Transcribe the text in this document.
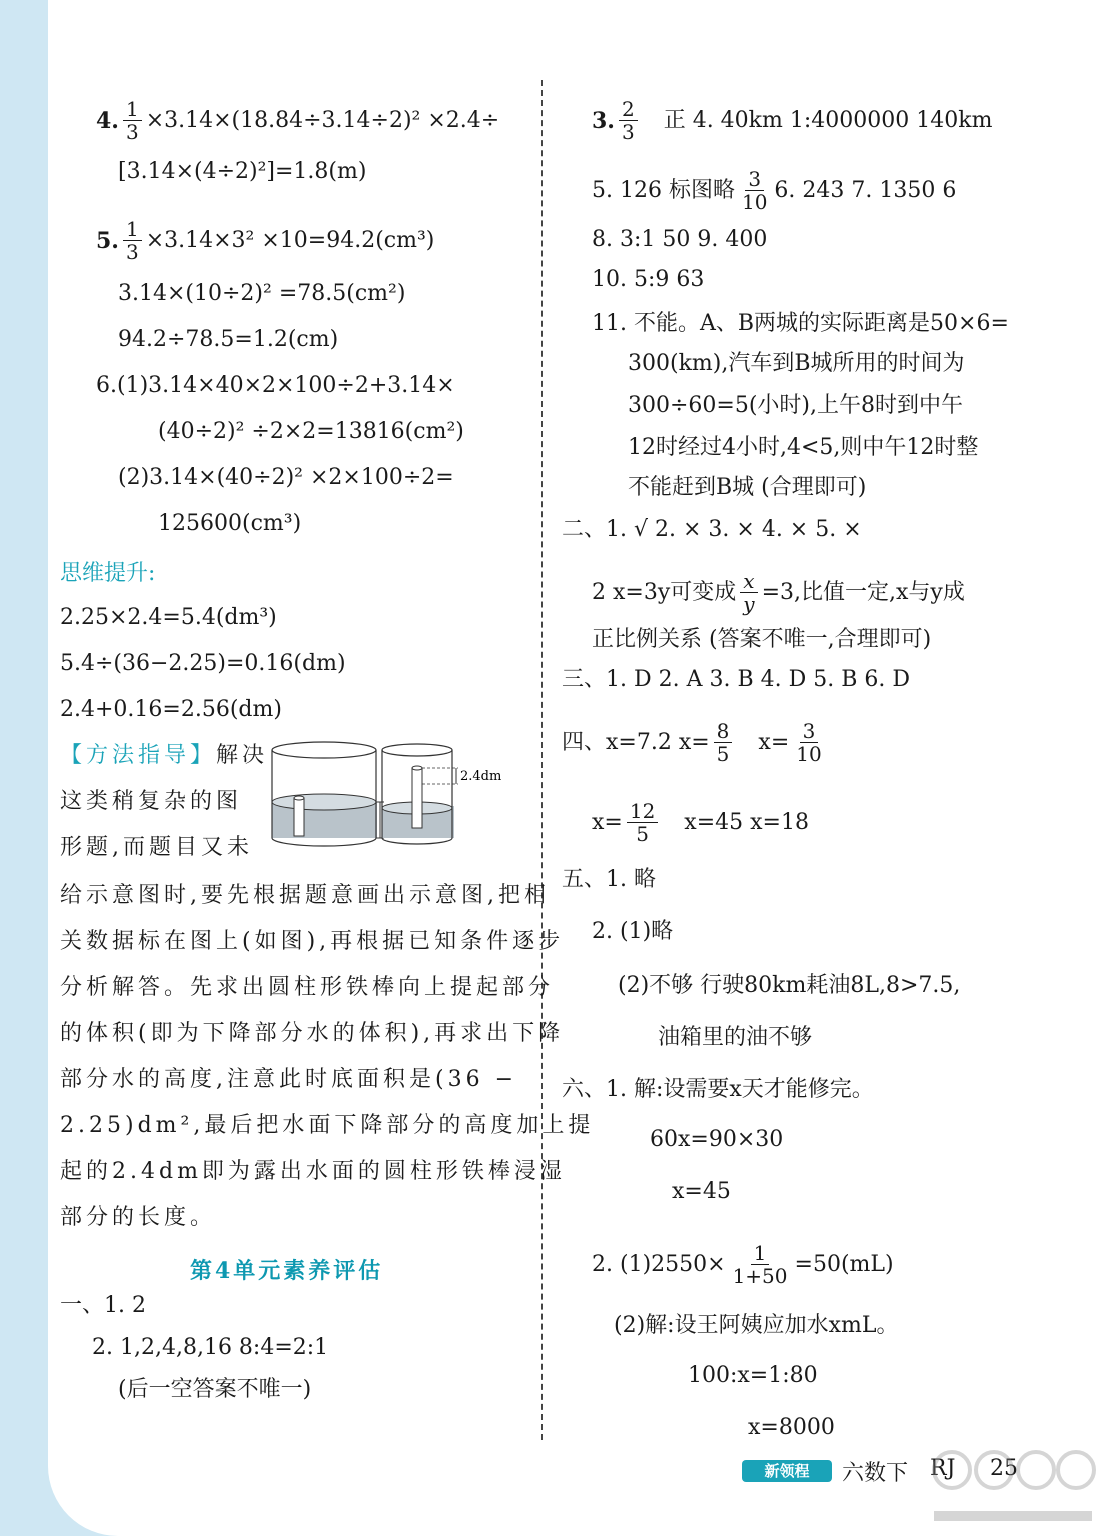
4. $\frac{1}{3} \times 3.14\times(18.84\div 3.14\div 2)^2 \times 2.4\div$
[3.14×(4÷2)²]=1.8(m)
5. $\frac{1}{3} \times 3.14\times 3^2 \times 10=94.2(cm^3)$
3.14×(10÷2)² =78.5(cm²)
94.2÷78.5=1.2(cm)
6.(1)3.14×40×2×100÷2+3.14×
(40÷2)² ÷2×2=13816(cm²)
(2)3.14×(40÷2)² ×2×100÷2=
125600(cm³)
思维提升:
2.25×2.4=5.4(dm³)
5.4÷(36−2.25)=0.16(dm)
2.4+0.16=2.56(dm)
【方法指导】 解决
这类稍复杂的图
形题,而题目又未
给示意图时,要先根据题意画出示意图,把相
关数据标在图上(如图),再根据已知条件逐步
分析解答。先求出圆柱形铁棒向上提起部分
的体积(即为下降部分水的体积),再求出下降
部分水的高度,注意此时底面积是(36 −
2.25)dm²,最后把水面下降部分的高度加上提
起的2.4dm即为露出水面的圆柱形铁棒浸湿
部分的长度。
2.4dm
第4单元素养评估
一、1. 2
2. 1,2,4,8,16 8:4=2:1
(后一空答案不唯一)
3. $\frac{2}{3}$ 正 4. 40km 1:4000000 140km
5. 126 标图略 $\frac{3}{10} 6$. 243 7. 1350 6
8. 3:1 50 9. 400
10. 5:9 63
11. 不能。A、B两城的实际距离是50×6=
300(km),汽车到B城所用的时间为
300÷60=5(小时),上午8时到中午
12时经过4小时,4<5,则中午12时整
不能赶到B城 (合理即可)
二、1. √ 2. × 3. × 4. × 5. ×
2 x=3y可变成 $\frac{x}{y} =3$,比值一定,x与y成
正比例关系 (答案不唯一,合理即可)
三、1. D 2. A 3. B 4. D 5. B 6. D
四、x=7.2 $x= \frac{8}{5} x= \frac{3}{10}$
$x= \frac{12}{5} x=45$ x=18
五、1. 略
2. (1)略
(2)不够 行驶80km耗油8L,8>7.5,
油箱里的油不够
六、1. 解:设需要x天才能修完。
60x=90×30
x=45
2. $(1)2550\times \frac{1}{1+50} =50(mL)$
(2)解:设王阿姨应加水xmL。
100:x=1:80
x=8000
新领程	六数下 RJ 25
